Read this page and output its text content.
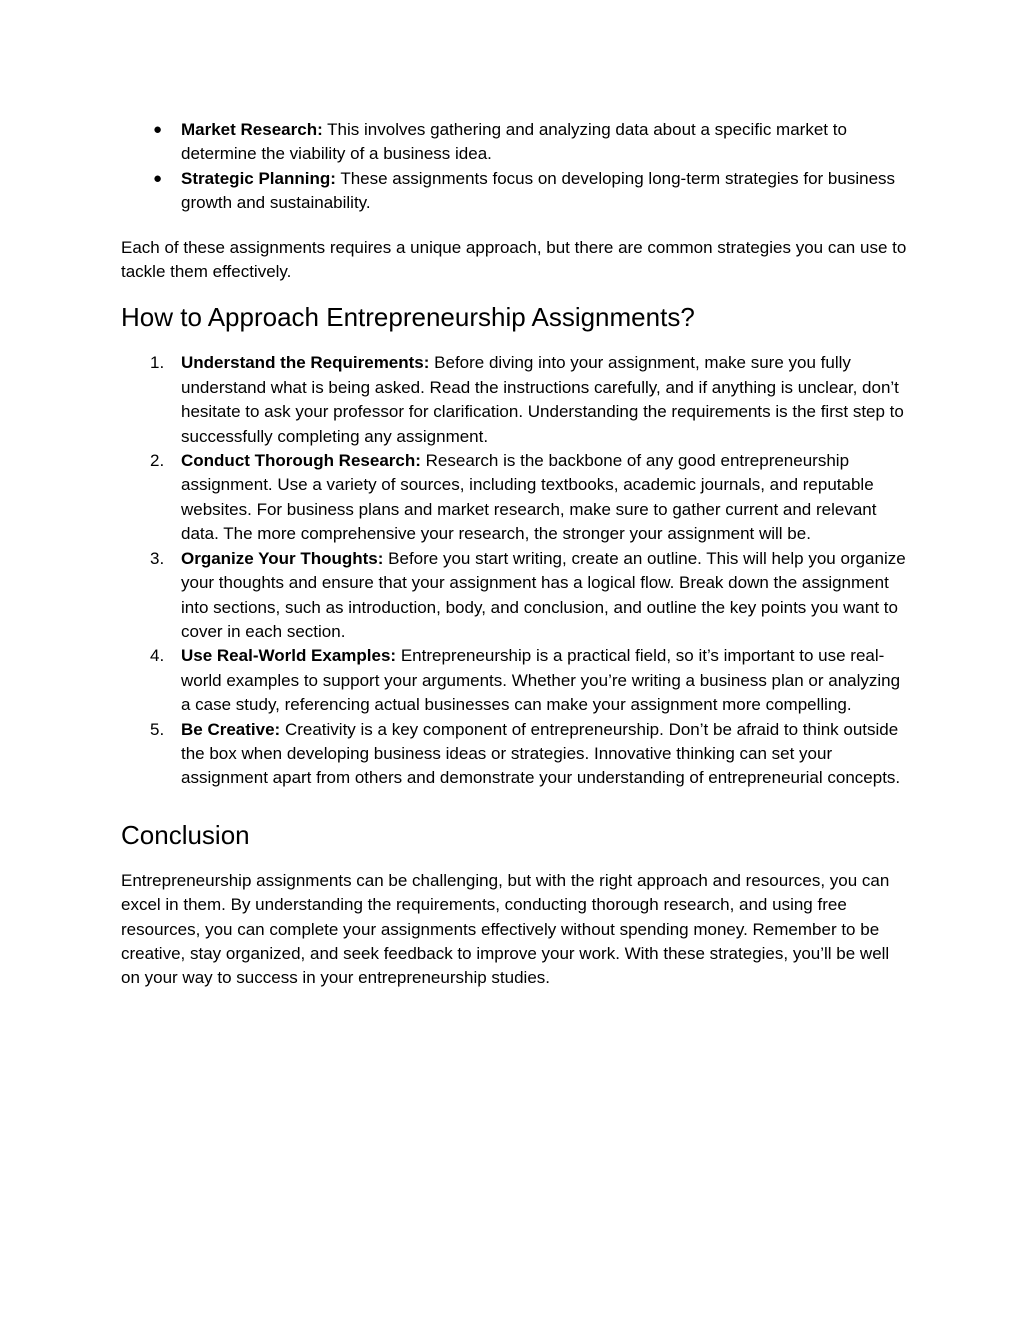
●	Market Research: This involves gathering and analyzing data about a specific market to determine the viability of a business idea.
●	Strategic Planning: These assignments focus on developing long-term strategies for business growth and sustainability.

Each of these assignments requires a unique approach, but there are common strategies you can use to tackle them effectively.

How to Approach Entrepreneurship Assignments?
1. Understand the Requirements: Before diving into your assignment, make sure you fully understand what is being asked. Read the instructions carefully, and if anything is unclear, don’t hesitate to ask your professor for clarification. Understanding the requirements is the first step to successfully completing any assignment.
2. Conduct Thorough Research: Research is the backbone of any good entrepreneurship assignment. Use a variety of sources, including textbooks, academic journals, and reputable websites. For business plans and market research, make sure to gather current and relevant data. The more comprehensive your research, the stronger your assignment will be.
3. Organize Your Thoughts: Before you start writing, create an outline. This will help you organize your thoughts and ensure that your assignment has a logical flow. Break down the assignment into sections, such as introduction, body, and conclusion, and outline the key points you want to cover in each section.
4. Use Real-World Examples: Entrepreneurship is a practical field, so it’s important to use real-world examples to support your arguments. Whether you’re writing a business plan or analyzing a case study, referencing actual businesses can make your assignment more compelling.
5. Be Creative: Creativity is a key component of entrepreneurship. Don’t be afraid to think outside the box when developing business ideas or strategies. Innovative thinking can set your assignment apart from others and demonstrate your understanding of entrepreneurial concepts.
Conclusion

Entrepreneurship assignments can be challenging, but with the right approach and resources, you can excel in them. By understanding the requirements, conducting thorough research, and using free resources, you can complete your assignments effectively without spending money. Remember to be creative, stay organized, and seek feedback to improve your work. With these strategies, you’ll be well on your way to success in your entrepreneurship studies.
